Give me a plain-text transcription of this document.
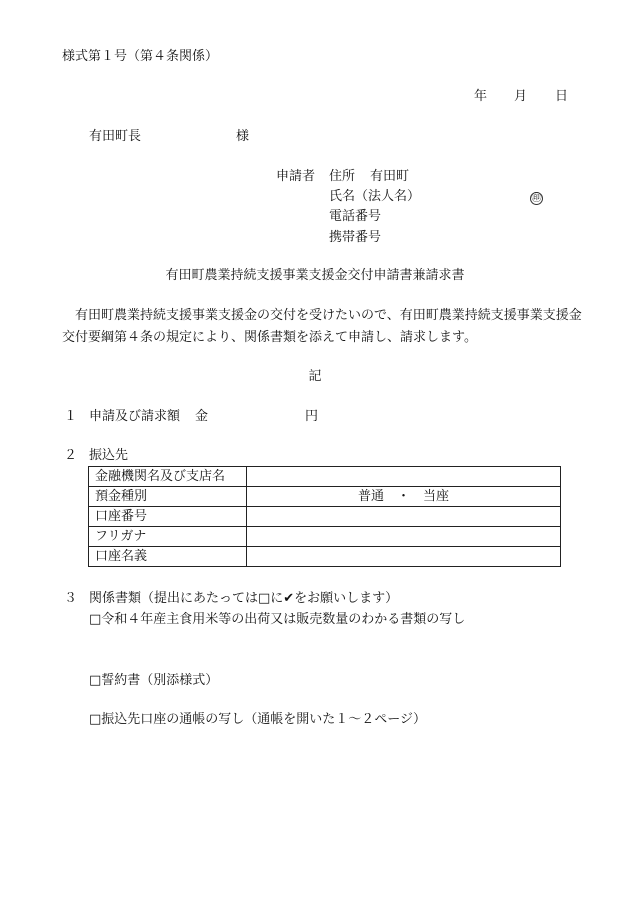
様式第１号（第４条関係）
年 月 日
有田町長	様
申請者 住所 有田町
氏名（法人名）	㊞
電話番号
携帯番号
有田町農業持続支援事業支援金交付申請書兼請求書
有田町農業持続支援事業支援金の交付を受けたいので、有田町農業持続支援事業支援金交付要綱第４条の規定により、関係書類を添えて申請し、請求します。
記
１ 申請及び請求額 金	円
２ 振込先
金融機関名及び支店名	
預金種別	普通　・　当座
口座番号	
フリガナ	
口座名義	
３ 関係書類（提出にあたっては□に✔をお願いします）
□令和４年産主食用米等の出荷又は販売数量のわかる書類の写し
□誓約書（別添様式）
□振込先口座の通帳の写し（通帳を開いた１～２ページ）
